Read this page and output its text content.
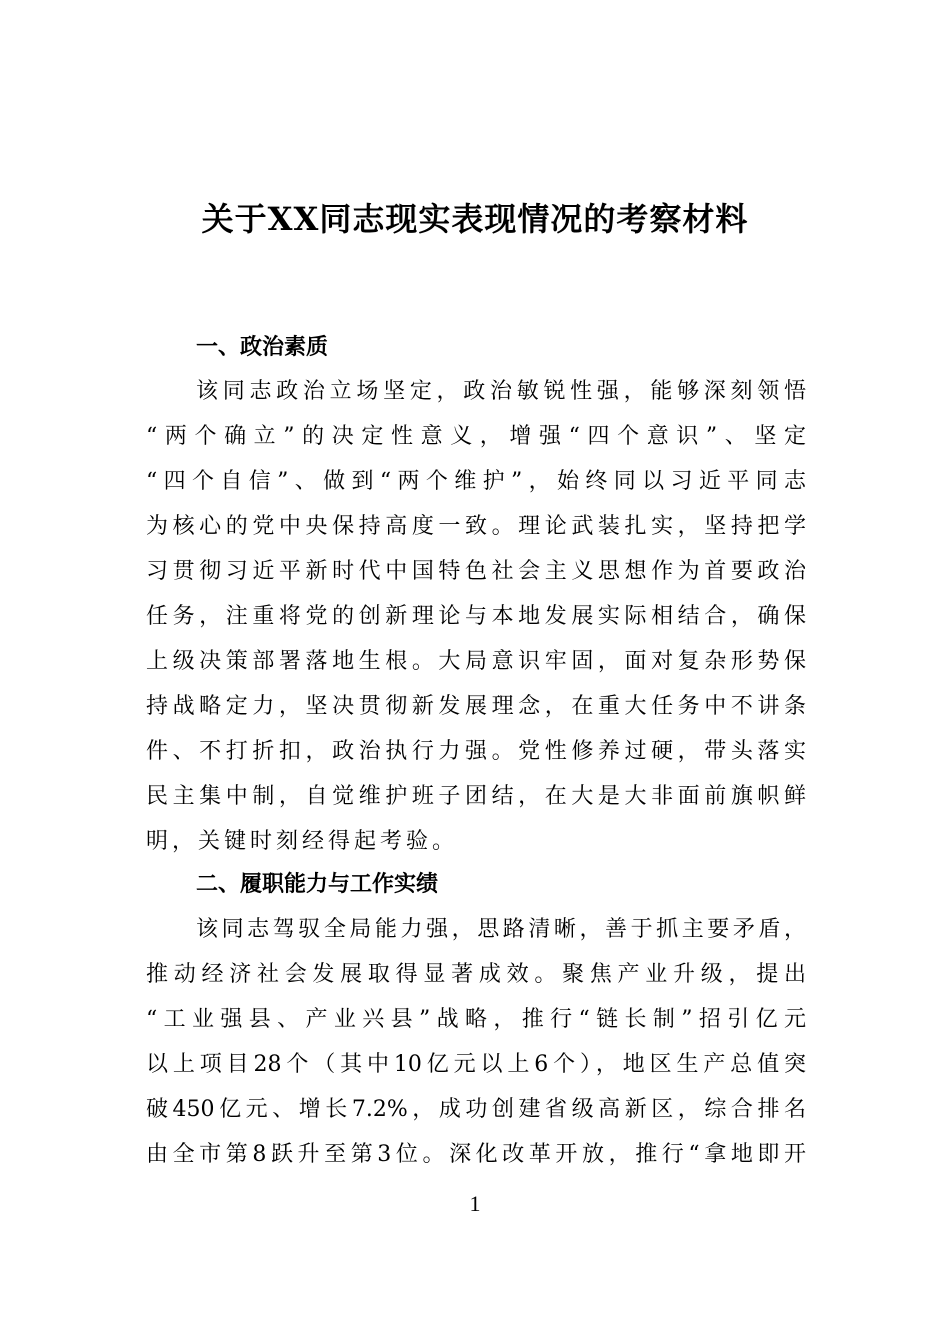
关于XX同志现实表现情况的考察材料
一、政治素质
该同志政治立场坚定，政治敏锐性强，能够深刻领悟
“两个确立”的决定性意义，增强“四个意识”、坚定
“四个自信”、做到“两个维护”，始终同以习近平同志
为核心的党中央保持高度一致。理论武装扎实，坚持把学
习贯彻习近平新时代中国特色社会主义思想作为首要政治
任务，注重将党的创新理论与本地发展实际相结合，确保
上级决策部署落地生根。大局意识牢固，面对复杂形势保
持战略定力，坚决贯彻新发展理念，在重大任务中不讲条
件、不打折扣，政治执行力强。党性修养过硬，带头落实
民主集中制，自觉维护班子团结，在大是大非面前旗帜鲜
明，关键时刻经得起考验。
二、履职能力与工作实绩
该同志驾驭全局能力强，思路清晰，善于抓主要矛盾，
推动经济社会发展取得显著成效。聚焦产业升级，提出
“工业强县、产业兴县”战略，推行“链长制”招引亿元
以上项目28个（其中10亿元以上6个），地区生产总值突
破450亿元、增长7.2%，成功创建省级高新区，综合排名
由全市第8跃升至第3位。深化改革开放，推行“拿地即开
1
